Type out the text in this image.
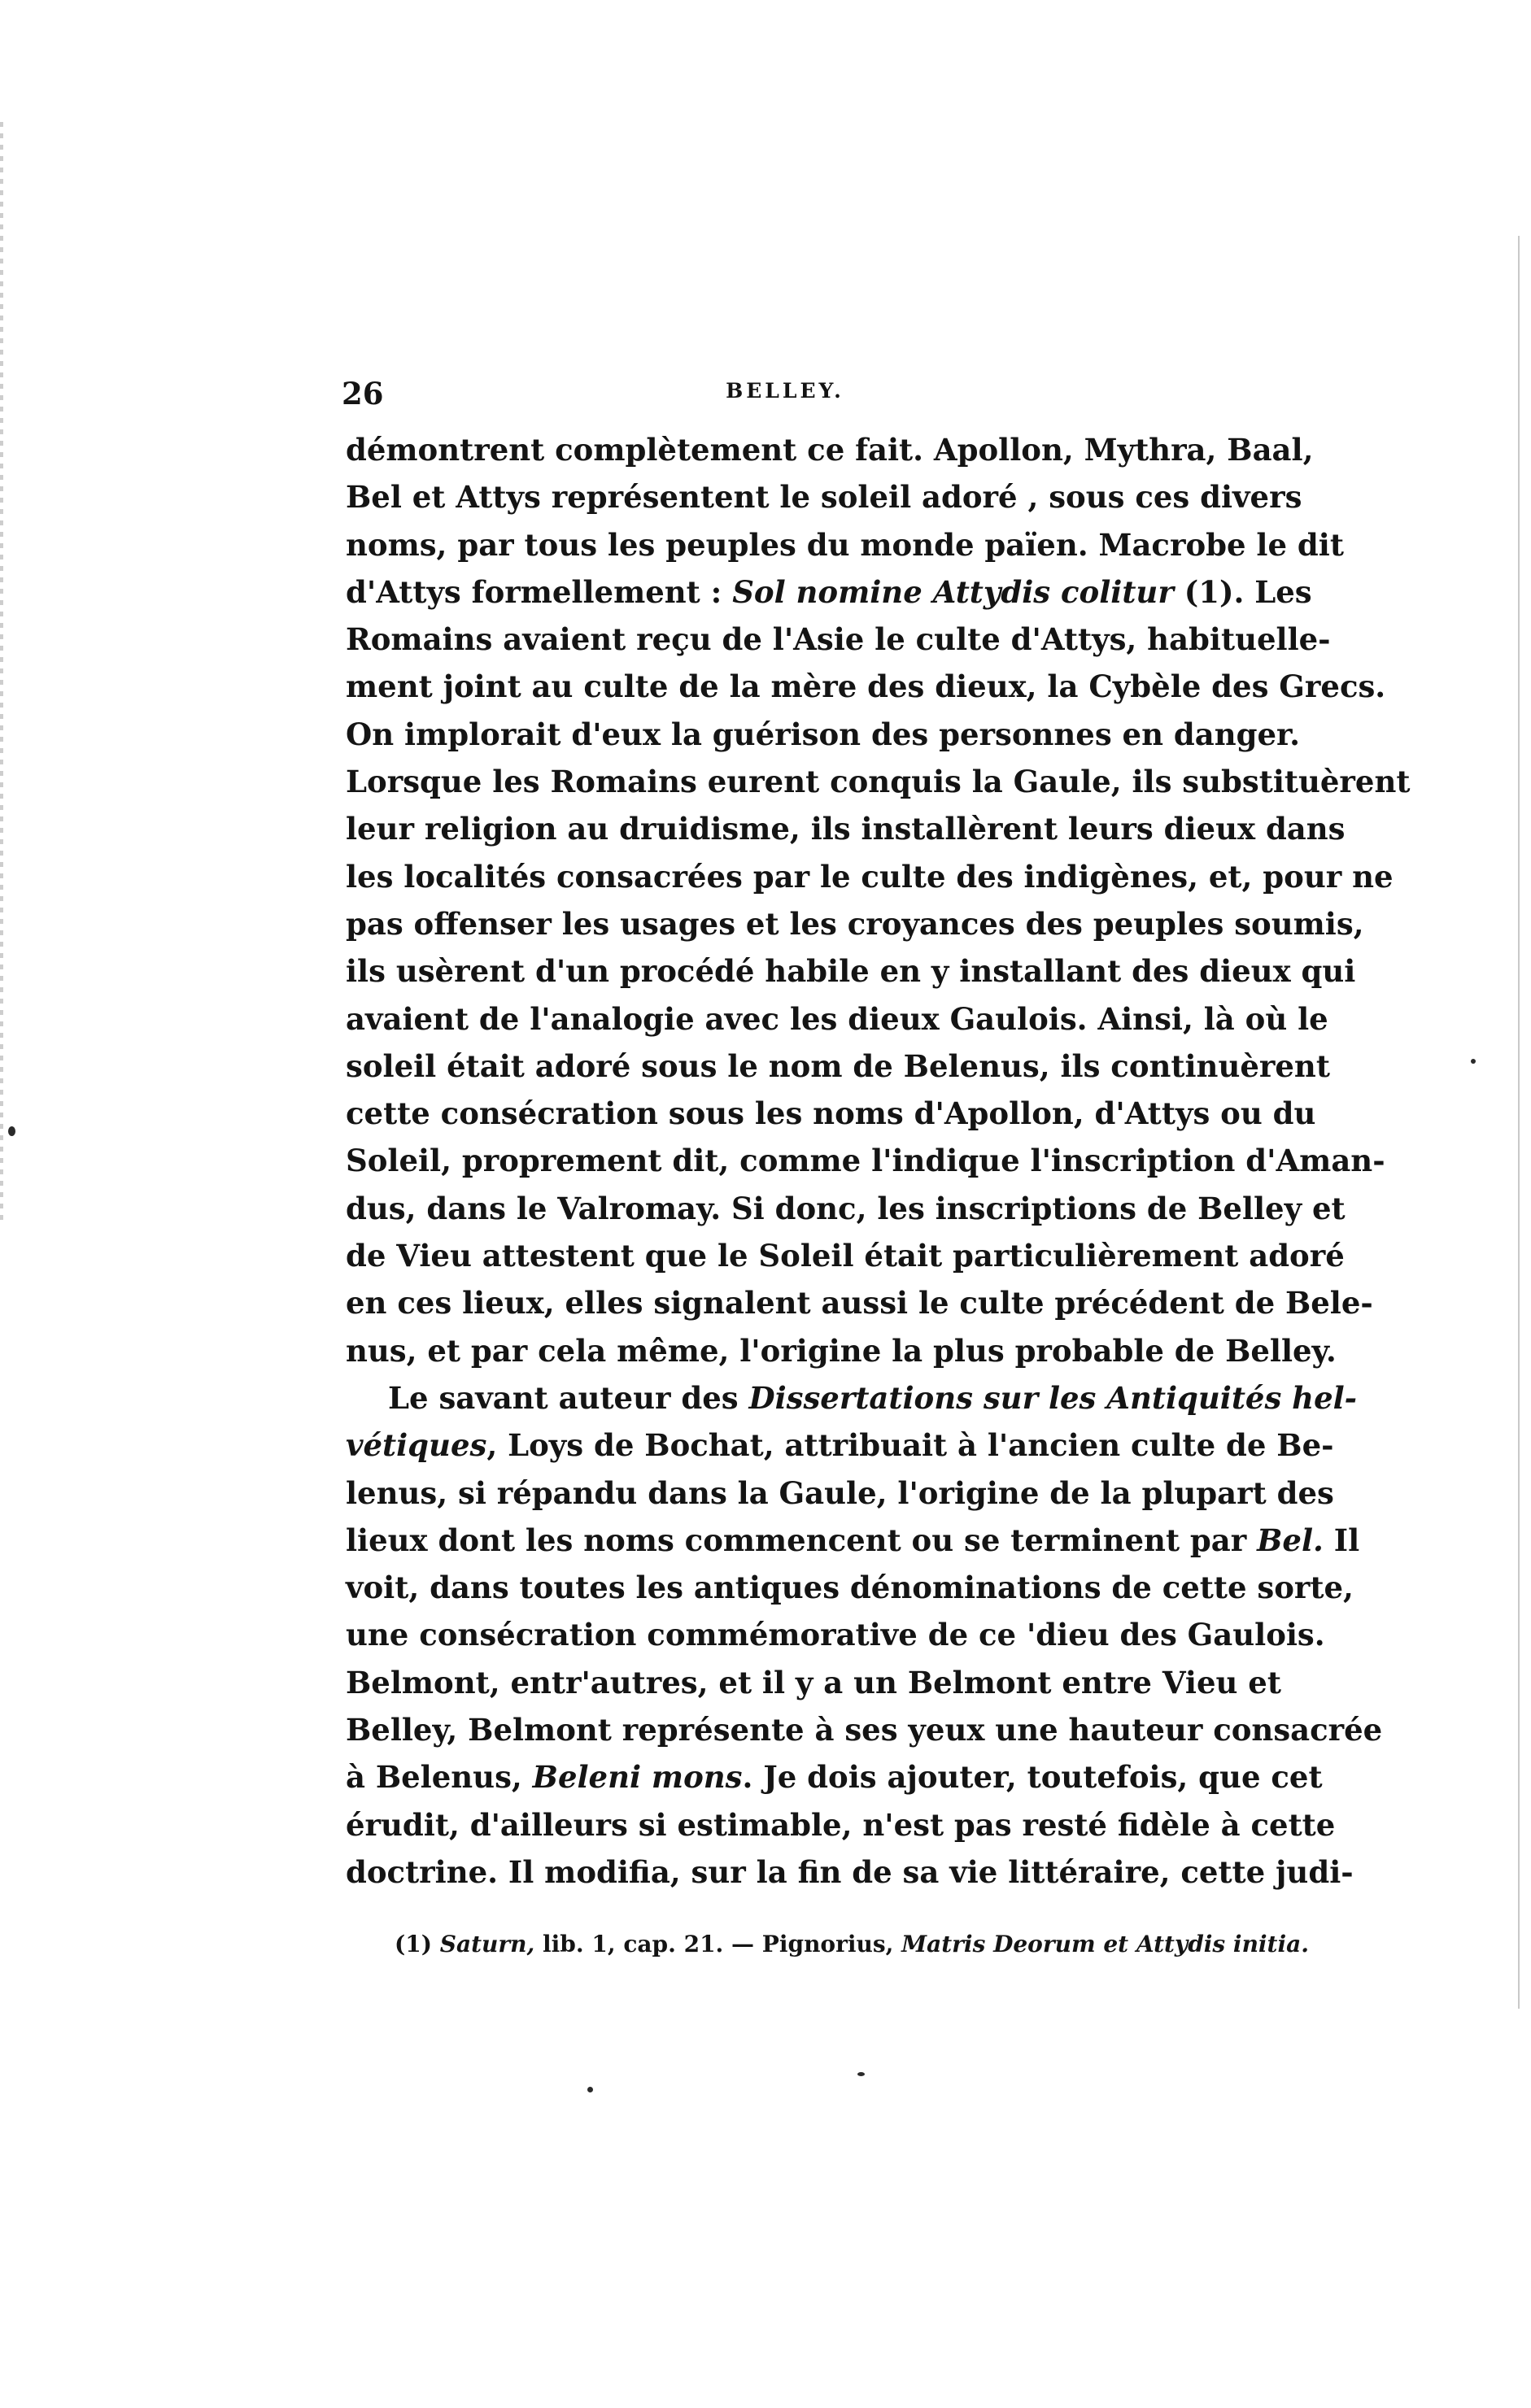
26	BELLEY.
démontrent complètement ce fait. Apollon, Mythra, Baal,
Bel et Attys représentent le soleil adoré , sous ces divers
noms, par tous les peuples du monde païen. Macrobe le dit
d'Attys formellement : Sol nomine Attydis colitur (1). Les
Romains avaient reçu de l'Asie le culte d'Attys, habituelle-
ment joint au culte de la mère des dieux, la Cybèle des Grecs.
On implorait d'eux la guérison des personnes en danger.
Lorsque les Romains eurent conquis la Gaule, ils substituèrent
leur religion au druidisme, ils installèrent leurs dieux dans
les localités consacrées par le culte des indigènes, et, pour ne
pas offenser les usages et les croyances des peuples soumis,
ils usèrent d'un procédé habile en y installant des dieux qui
avaient de l'analogie avec les dieux Gaulois. Ainsi, là où le
soleil était adoré sous le nom de Belenus, ils continuèrent
cette consécration sous les noms d'Apollon, d'Attys ou du
Soleil, proprement dit, comme l'indique l'inscription d'Aman-
dus, dans le Valromay. Si donc, les inscriptions de Belley et
de Vieu attestent que le Soleil était particulièrement adoré
en ces lieux, elles signalent aussi le culte précédent de Bele-
nus, et par cela même, l'origine la plus probable de Belley.
Le savant auteur des Dissertations sur les Antiquités hel-
vétiques, Loys de Bochat, attribuait à l'ancien culte de Be-
lenus, si répandu dans la Gaule, l'origine de la plupart des
lieux dont les noms commencent ou se terminent par Bel. Il
voit, dans toutes les antiques dénominations de cette sorte,
une consécration commémorative de ce 'dieu des Gaulois.
Belmont, entr'autres, et il y a un Belmont entre Vieu et
Belley, Belmont représente à ses yeux une hauteur consacrée
à Belenus, Beleni mons. Je dois ajouter, toutefois, que cet
érudit, d'ailleurs si estimable, n'est pas resté fidèle à cette
doctrine. Il modifia, sur la fin de sa vie littéraire, cette judi-
(1) Saturn, lib. 1, cap. 21. — Pignorius, Matris Deorum et Attydis initia.
